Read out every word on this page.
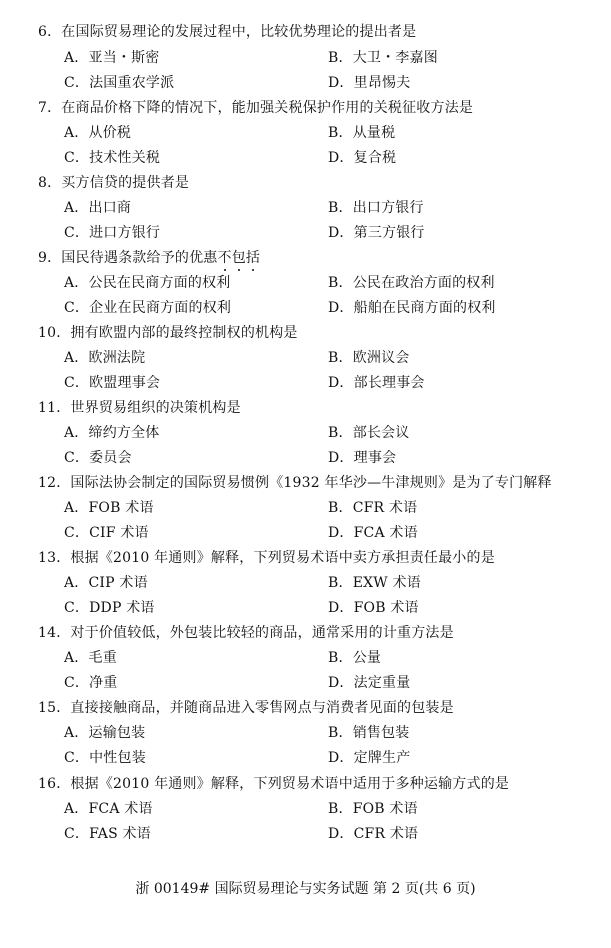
6．在国际贸易理论的发展过程中，比较优势理论的提出者是
A．亚当・斯密	B．大卫・李嘉图
C．法国重农学派	D．里昂惕夫
7．在商品价格下降的情况下，能加强关税保护作用的关税征收方法是
A．从价税	B．从量税
C．技术性关税	D．复合税
8．买方信贷的提供者是
A．出口商	B．出口方银行
C．进口方银行	D．第三方银行
9．国民待遇条款给予的优惠不包括
A．公民在民商方面的权利	B．公民在政治方面的权利
C．企业在民商方面的权利	D．船舶在民商方面的权利
10．拥有欧盟内部的最终控制权的机构是
A．欧洲法院	B．欧洲议会
C．欧盟理事会	D．部长理事会
11．世界贸易组织的决策机构是
A．缔约方全体	B．部长会议
C．委员会	D．理事会
12．国际法协会制定的国际贸易惯例《1932 年华沙—牛津规则》是为了专门解释
A．FOB 术语	B．CFR 术语
C．CIF 术语	D．FCA 术语
13．根据《2010 年通则》解释，下列贸易术语中卖方承担责任最小的是
A．CIP 术语	B．EXW 术语
C．DDP 术语	D．FOB 术语
14．对于价值较低，外包装比较轻的商品，通常采用的计重方法是
A．毛重	B．公量
C．净重	D．法定重量
15．直接接触商品，并随商品进入零售网点与消费者见面的包装是
A．运输包装	B．销售包装
C．中性包装	D．定牌生产
16．根据《2010 年通则》解释，下列贸易术语中适用于多种运输方式的是
A．FCA 术语	B．FOB 术语
C．FAS 术语	D．CFR 术语
浙 00149# 国际贸易理论与实务试题 第 2 页(共 6 页)
